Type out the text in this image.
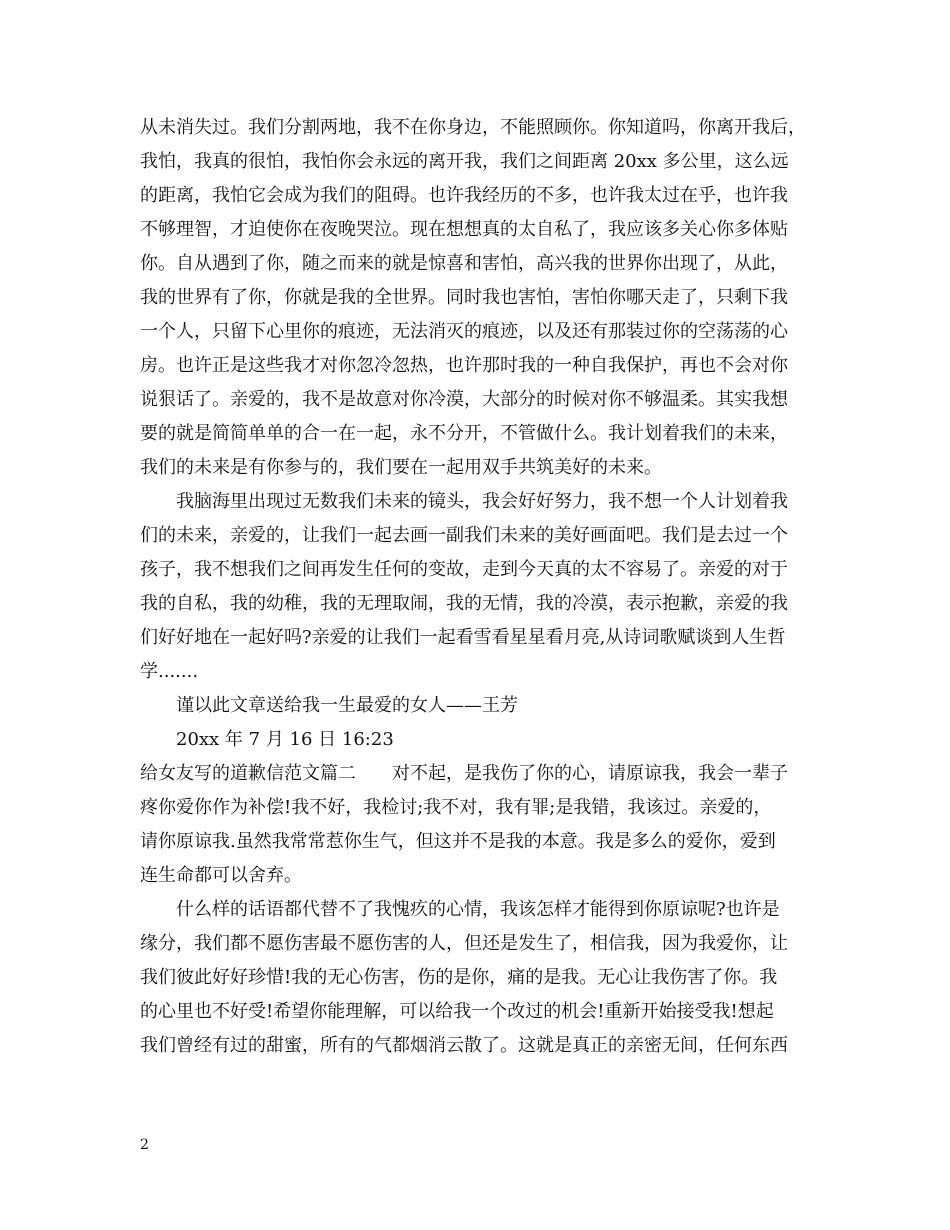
从未消失过。我们分割两地，我不在你身边，不能照顾你。你知道吗，你离开我后，
我怕，我真的很怕，我怕你会永远的离开我，我们之间距离 20xx 多公里，这么远
的距离，我怕它会成为我们的阻碍。也许我经历的不多，也许我太过在乎，也许我
不够理智，才迫使你在夜晚哭泣。现在想想真的太自私了，我应该多关心你多体贴
你。自从遇到了你，随之而来的就是惊喜和害怕，高兴我的世界你出现了，从此，
我的世界有了你，你就是我的全世界。同时我也害怕，害怕你哪天走了，只剩下我
一个人，只留下心里你的痕迹，无法消灭的痕迹，以及还有那装过你的空荡荡的心
房。也许正是这些我才对你忽冷忽热，也许那时我的一种自我保护，再也不会对你
说狠话了。亲爱的，我不是故意对你冷漠，大部分的时候对你不够温柔。其实我想
要的就是简简单单的合一在一起，永不分开，不管做什么。我计划着我们的未来，
我们的未来是有你参与的，我们要在一起用双手共筑美好的未来。
我脑海里出现过无数我们未来的镜头，我会好好努力，我不想一个人计划着我
们的未来，亲爱的，让我们一起去画一副我们未来的美好画面吧。我们是去过一个
孩子，我不想我们之间再发生任何的变故，走到今天真的太不容易了。亲爱的对于
我的自私，我的幼稚，我的无理取闹，我的无情，我的冷漠，表示抱歉，亲爱的我
们好好地在一起好吗?亲爱的让我们一起看雪看星星看月亮,从诗词歌赋谈到人生哲
学.......
谨以此文章送给我一生最爱的女人——王芳
20xx 年 7 月 16 日 16:23
给女友写的道歉信范文篇二　　对不起，是我伤了你的心，请原谅我，我会一辈子
疼你爱你作为补偿!我不好，我检讨;我不对，我有罪;是我错，我该过。亲爱的，
请你原谅我.虽然我常常惹你生气，但这并不是我的本意。我是多么的爱你，爱到
连生命都可以舍弃。
什么样的话语都代替不了我愧疚的心情，我该怎样才能得到你原谅呢?也许是
缘分，我们都不愿伤害最不愿伤害的人，但还是发生了，相信我，因为我爱你，让
我们彼此好好珍惜!我的无心伤害，伤的是你，痛的是我。无心让我伤害了你。我
的心里也不好受!希望你能理解，可以给我一个改过的机会!重新开始接受我!想起
我们曾经有过的甜蜜，所有的气都烟消云散了。这就是真正的亲密无间，任何东西
2
